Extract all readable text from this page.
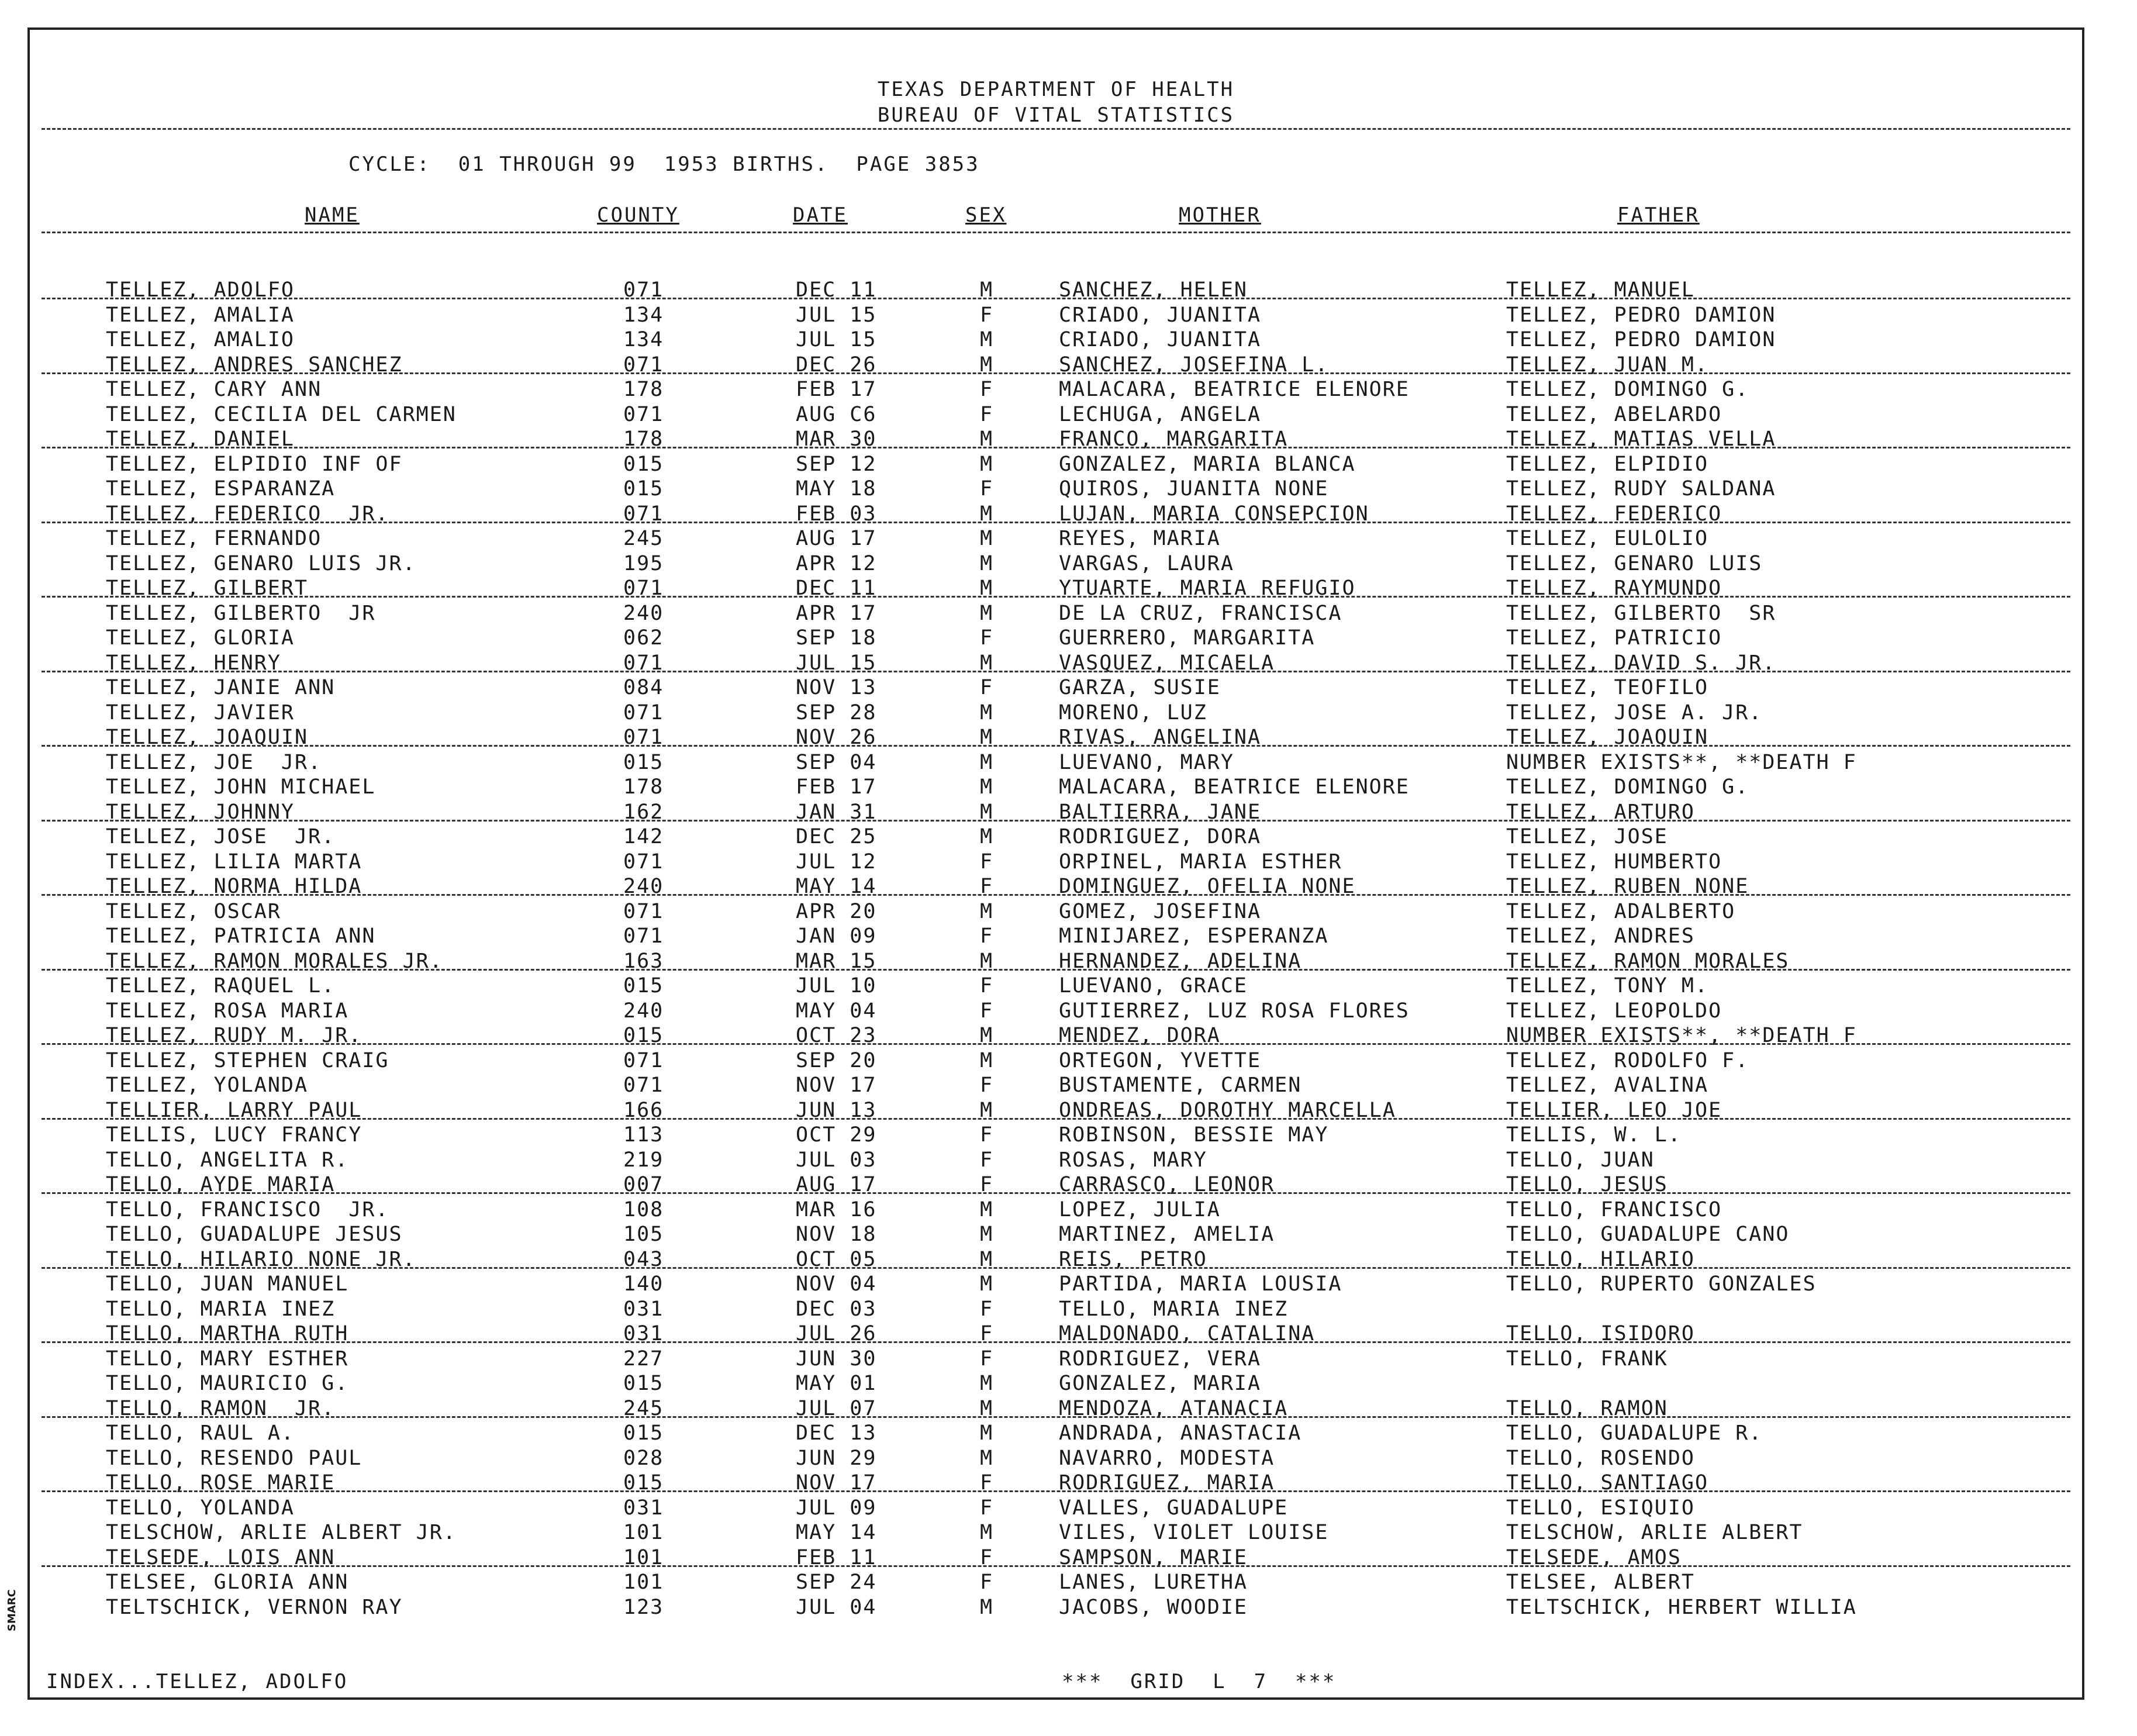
TEXAS DEPARTMENT OF HEALTH
BUREAU OF VITAL STATISTICS
CYCLE:  01 THROUGH 99  1953 BIRTHS.  PAGE 3853
NAME	COUNTY	DATE	SEX	MOTHER	FATHER
TELLEZ, ADOLFO	071	DEC 11	M	SANCHEZ, HELEN	TELLEZ, MANUEL
TELLEZ, AMALIA	134	JUL 15	F	CRIADO, JUANITA	TELLEZ, PEDRO DAMION
TELLEZ, AMALIO	134	JUL 15	M	CRIADO, JUANITA	TELLEZ, PEDRO DAMION
TELLEZ, ANDRES SANCHEZ	071	DEC 26	M	SANCHEZ, JOSEFINA L.	TELLEZ, JUAN M.
TELLEZ, CARY ANN	178	FEB 17	F	MALACARA, BEATRICE ELENORE	TELLEZ, DOMINGO G.
TELLEZ, CECILIA DEL CARMEN	071	AUG C6	F	LECHUGA, ANGELA	TELLEZ, ABELARDO
TELLEZ, DANIEL	178	MAR 30	M	FRANCO, MARGARITA	TELLEZ, MATIAS VELLA
TELLEZ, ELPIDIO INF OF	015	SEP 12	M	GONZALEZ, MARIA BLANCA	TELLEZ, ELPIDIO
TELLEZ, ESPARANZA	015	MAY 18	F	QUIROS, JUANITA NONE	TELLEZ, RUDY SALDANA
TELLEZ, FEDERICO  JR.	071	FEB 03	M	LUJAN, MARIA CONSEPCION	TELLEZ, FEDERICO
TELLEZ, FERNANDO	245	AUG 17	M	REYES, MARIA	TELLEZ, EULOLIO
TELLEZ, GENARO LUIS JR.	195	APR 12	M	VARGAS, LAURA	TELLEZ, GENARO LUIS
TELLEZ, GILBERT	071	DEC 11	M	YTUARTE, MARIA REFUGIO	TELLEZ, RAYMUNDO
TELLEZ, GILBERTO  JR	240	APR 17	M	DE LA CRUZ, FRANCISCA	TELLEZ, GILBERTO  SR
TELLEZ, GLORIA	062	SEP 18	F	GUERRERO, MARGARITA	TELLEZ, PATRICIO
TELLEZ, HENRY	071	JUL 15	M	VASQUEZ, MICAELA	TELLEZ, DAVID S. JR.
TELLEZ, JANIE ANN	084	NOV 13	F	GARZA, SUSIE	TELLEZ, TEOFILO
TELLEZ, JAVIER	071	SEP 28	M	MORENO, LUZ	TELLEZ, JOSE A. JR.
TELLEZ, JOAQUIN	071	NOV 26	M	RIVAS, ANGELINA	TELLEZ, JOAQUIN
TELLEZ, JOE  JR.	015	SEP 04	M	LUEVANO, MARY	NUMBER EXISTS**, **DEATH F
TELLEZ, JOHN MICHAEL	178	FEB 17	M	MALACARA, BEATRICE ELENORE	TELLEZ, DOMINGO G.
TELLEZ, JOHNNY	162	JAN 31	M	BALTIERRA, JANE	TELLEZ, ARTURO
TELLEZ, JOSE  JR.	142	DEC 25	M	RODRIGUEZ, DORA	TELLEZ, JOSE
TELLEZ, LILIA MARTA	071	JUL 12	F	ORPINEL, MARIA ESTHER	TELLEZ, HUMBERTO
TELLEZ, NORMA HILDA	240	MAY 14	F	DOMINGUEZ, OFELIA NONE	TELLEZ, RUBEN NONE
TELLEZ, OSCAR	071	APR 20	M	GOMEZ, JOSEFINA	TELLEZ, ADALBERTO
TELLEZ, PATRICIA ANN	071	JAN 09	F	MINIJAREZ, ESPERANZA	TELLEZ, ANDRES
TELLEZ, RAMON MORALES JR.	163	MAR 15	M	HERNANDEZ, ADELINA	TELLEZ, RAMON MORALES
TELLEZ, RAQUEL L.	015	JUL 10	F	LUEVANO, GRACE	TELLEZ, TONY M.
TELLEZ, ROSA MARIA	240	MAY 04	F	GUTIERREZ, LUZ ROSA FLORES	TELLEZ, LEOPOLDO
TELLEZ, RUDY M. JR.	015	OCT 23	M	MENDEZ, DORA	NUMBER EXISTS**, **DEATH F
TELLEZ, STEPHEN CRAIG	071	SEP 20	M	ORTEGON, YVETTE	TELLEZ, RODOLFO F.
TELLEZ, YOLANDA	071	NOV 17	F	BUSTAMENTE, CARMEN	TELLEZ, AVALINA
TELLIER, LARRY PAUL	166	JUN 13	M	ONDREAS, DOROTHY MARCELLA	TELLIER, LEO JOE
TELLIS, LUCY FRANCY	113	OCT 29	F	ROBINSON, BESSIE MAY	TELLIS, W. L.
TELLO, ANGELITA R.	219	JUL 03	F	ROSAS, MARY	TELLO, JUAN
TELLO, AYDE MARIA	007	AUG 17	F	CARRASCO, LEONOR	TELLO, JESUS
TELLO, FRANCISCO  JR.	108	MAR 16	M	LOPEZ, JULIA	TELLO, FRANCISCO
TELLO, GUADALUPE JESUS	105	NOV 18	M	MARTINEZ, AMELIA	TELLO, GUADALUPE CANO
TELLO, HILARIO NONE JR.	043	OCT 05	M	REIS, PETRO	TELLO, HILARIO
TELLO, JUAN MANUEL	140	NOV 04	M	PARTIDA, MARIA LOUSIA	TELLO, RUPERTO GONZALES
TELLO, MARIA INEZ	031	DEC 03	F	TELLO, MARIA INEZ
TELLO, MARTHA RUTH	031	JUL 26	F	MALDONADO, CATALINA	TELLO, ISIDORO
TELLO, MARY ESTHER	227	JUN 30	F	RODRIGUEZ, VERA	TELLO, FRANK
TELLO, MAURICIO G.	015	MAY 01	M	GONZALEZ, MARIA
TELLO, RAMON  JR.	245	JUL 07	M	MENDOZA, ATANACIA	TELLO, RAMON
TELLO, RAUL A.	015	DEC 13	M	ANDRADA, ANASTACIA	TELLO, GUADALUPE R.
TELLO, RESENDO PAUL	028	JUN 29	M	NAVARRO, MODESTA	TELLO, ROSENDO
TELLO, ROSE MARIE	015	NOV 17	F	RODRIGUEZ, MARIA	TELLO, SANTIAGO
TELLO, YOLANDA	031	JUL 09	F	VALLES, GUADALUPE	TELLO, ESIQUIO
TELSCHOW, ARLIE ALBERT JR.	101	MAY 14	M	VILES, VIOLET LOUISE	TELSCHOW, ARLIE ALBERT
TELSEDE, LOIS ANN	101	FEB 11	F	SAMPSON, MARIE	TELSEDE, AMOS
TELSEE, GLORIA ANN	101	SEP 24	F	LANES, LURETHA	TELSEE, ALBERT
TELTSCHICK, VERNON RAY	123	JUL 04	M	JACOBS, WOODIE	TELTSCHICK, HERBERT WILLIA
INDEX...TELLEZ, ADOLFO	***  GRID  L  7  ***
SMARC
